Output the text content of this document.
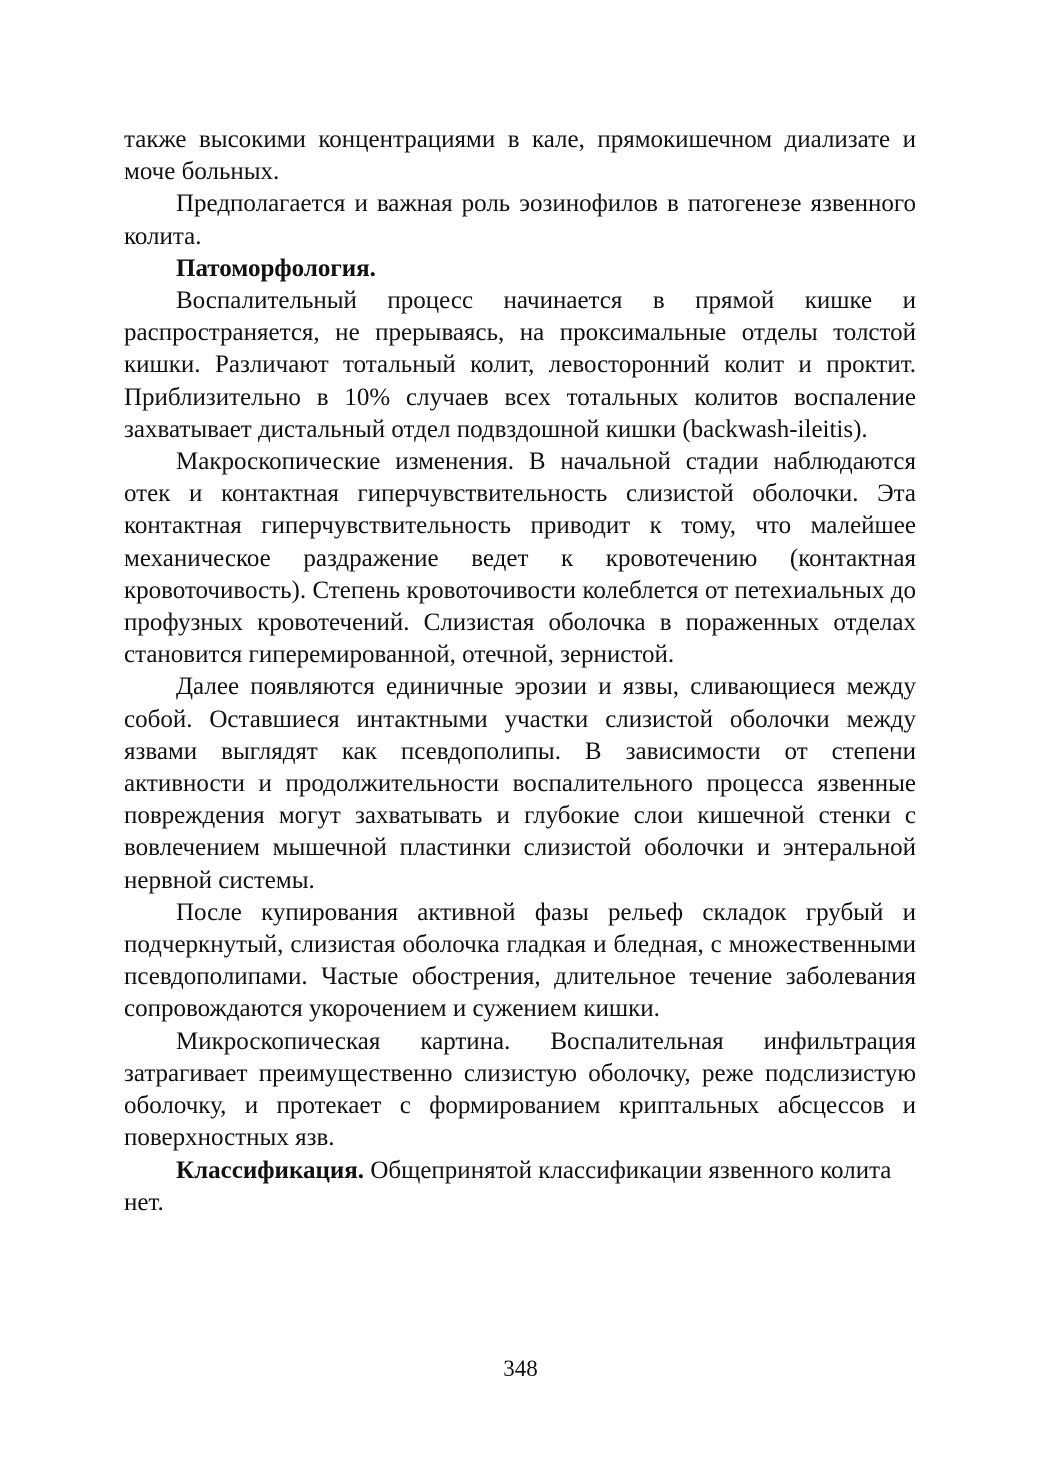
также высокими концентрациями в кале, прямокишечном диализате и моче больных.

Предполагается и важная роль эозинофилов в патогенезе язвенного колита.

Патоморфология.

Воспалительный процесс начинается в прямой кишке и распространяется, не прерываясь, на проксимальные отделы толстой кишки. Различают тотальный колит, левосторонний колит и проктит. Приблизительно в 10% случаев всех тотальных колитов воспаление захватывает дистальный отдел подвздошной кишки (backwash-ileitis).

Макроскопические изменения. В начальной стадии наблюдаются отек и контактная гиперчувствительность слизистой оболочки. Эта контактная гиперчувствительность приводит к тому, что малейшее механическое раздражение ведет к кровотечению (контактная кровоточивость). Степень кровоточивости колеблется от петехиальных до профузных кровотечений. Слизистая оболочка в пораженных отделах становится гиперемированной, отечной, зернистой.

Далее появляются единичные эрозии и язвы, сливающиеся между собой. Оставшиеся интактными участки слизистой оболочки между язвами выглядят как псевдополипы. В зависимости от степени активности и продолжительности воспалительного процесса язвенные повреждения могут захватывать и глубокие слои кишечной стенки с вовлечением мышечной пластинки слизистой оболочки и энтеральной нервной системы.

После купирования активной фазы рельеф складок грубый и подчеркнутый, слизистая оболочка гладкая и бледная, с множественными псевдополипами. Частые обострения, длительное течение заболевания сопровождаются укорочением и сужением кишки.

Микроскопическая картина. Воспалительная инфильтрация затрагивает преимущественно слизистую оболочку, реже подслизистую оболочку, и протекает с формированием криптальных абсцессов и поверхностных язв.

Классификация. Общепринятой классификации язвенного колита нет.

348
